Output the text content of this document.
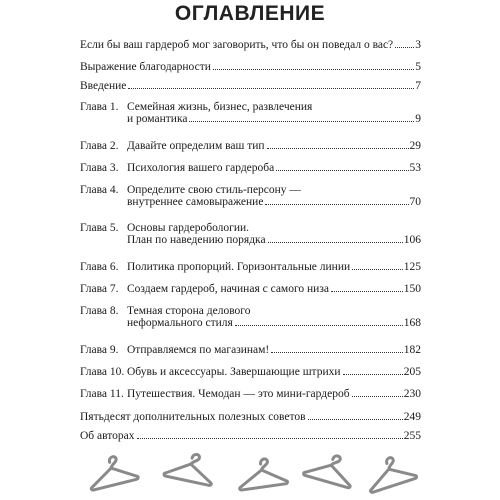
ОГЛАВЛЕНИЕ
Если бы ваш гардероб мог заговорить, что бы он поведал о вас? 3
Выражение благодарности	5
Введение	7
Глава 1. Семейная жизнь, бизнес, развлечения
и романтика	9
Глава 2. Давайте определим ваш тип	29
Глава 3. Психология вашего гардероба	53
Глава 4. Определите свою стиль-персону —
внутреннее самовыражение	70
Глава 5. Основы гардеробологии.
План по наведению порядка	106
Глава 6. Политика пропорций. Горизонтальные линии	125
Глава 7. Создаем гардероб, начиная с самого низа	150
Глава 8. Темная сторона делового
неформального стиля	168
Глава 9. Отправляемся по магазинам!	182
Глава 10. Обувь и аксессуары. Завершающие штрихи	205
Глава 11. Путешествия. Чемодан — это мини-гардероб	230
Пятьдесят дополнительных полезных советов	249
Об авторах	255
